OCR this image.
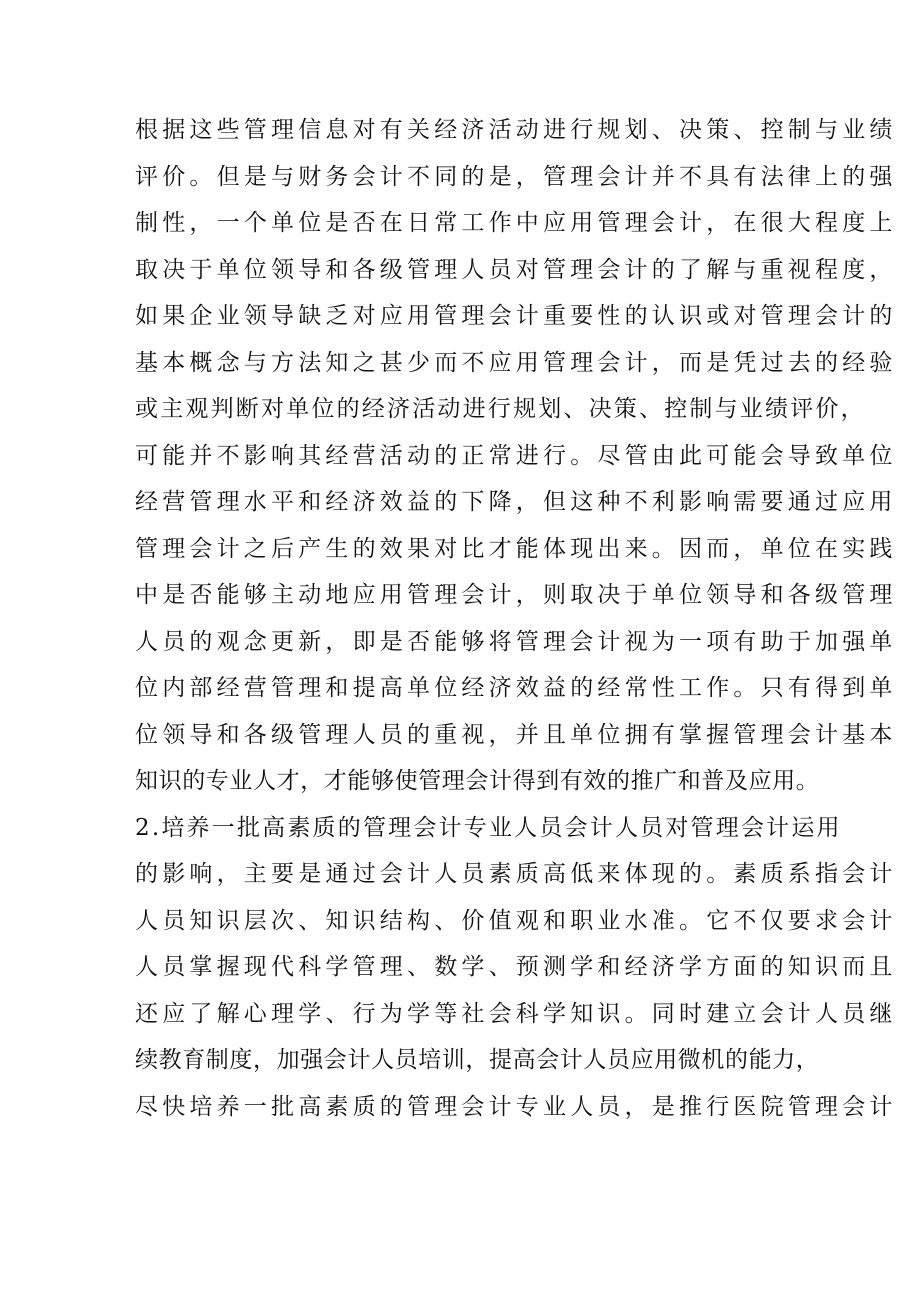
根据这些管理信息对有关经济活动进行规划、决策、控制与业绩
评价。但是与财务会计不同的是，管理会计并不具有法律上的强
制性，一个单位是否在日常工作中应用管理会计，在很大程度上
取决于单位领导和各级管理人员对管理会计的了解与重视程度，
如果企业领导缺乏对应用管理会计重要性的认识或对管理会计的
基本概念与方法知之甚少而不应用管理会计，而是凭过去的经验
或主观判断对单位的经济活动进行规划、决策、控制与业绩评价，
可能并不影响其经营活动的正常进行。尽管由此可能会导致单位
经营管理水平和经济效益的下降，但这种不利影响需要通过应用
管理会计之后产生的效果对比才能体现出来。因而，单位在实践
中是否能够主动地应用管理会计，则取决于单位领导和各级管理
人员的观念更新，即是否能够将管理会计视为一项有助于加强单
位内部经营管理和提高单位经济效益的经常性工作。只有得到单
位领导和各级管理人员的重视，并且单位拥有掌握管理会计基本
知识的专业人才，才能够使管理会计得到有效的推广和普及应用。
2.培养一批高素质的管理会计专业人员会计人员对管理会计运用
的影响，主要是通过会计人员素质高低来体现的。素质系指会计
人员知识层次、知识结构、价值观和职业水准。它不仅要求会计
人员掌握现代科学管理、数学、预测学和经济学方面的知识而且
还应了解心理学、行为学等社会科学知识。同时建立会计人员继
续教育制度，加强会计人员培训，提高会计人员应用微机的能力，
尽快培养一批高素质的管理会计专业人员，是推行医院管理会计
